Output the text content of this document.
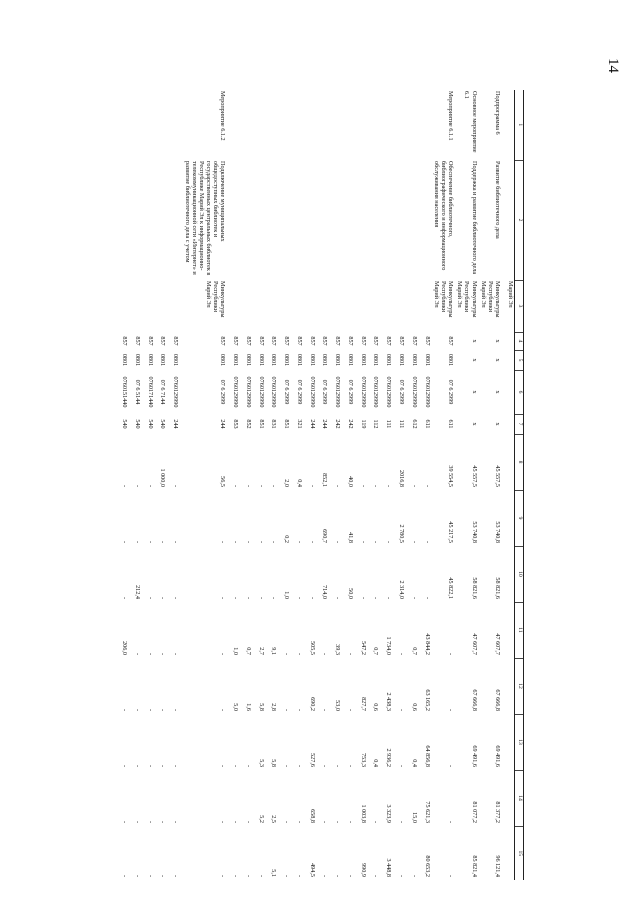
14
1	2	3	4	5	6	7	8	9	10	11	12	13	14	15
		Марий Эл												
Подпрограмма 6	Развитие библиотечного дела	Минкультуры Республики Марий Эл	х	х	х	х	45 557,5	53 740,8	58 821,6	47 607,7	67 666,8	69 491,6	81 377,2	96 121,4
Основное мероприятие 6.1	Поддержка и развитие библиотечного дела	Минкультуры Республики Марий Эл	х	х	х	х	45 557,5	53 740,8	58 821,6	47 607,7	67 666,8	69 491,6	81 077,2	85 821,4
Мероприятие 6.1.1	Обеспечение библиотечного, библиографического и информационного обслуживания населения	Минкультуры Республики Марий Эл	857	0801	07 6 2999	611	39 554,5	45 217,5	45 822,1	-	-	-	-	-
			857	0801	0760129990	611	-	-	-	43 844,2	63 165,2	64 856,8	75 621,3	80 653,2
			857	0801	0760129990	612	-	-	-	0,7	0,6	0,4	15,0	-
			857	0801	07 6 2999	111	2016,8	2 780,5	2 314,0	-	-	-	-	-
			857	0801	0760129990	111	-	-	-	1 734,0	2 438,3	2 936,2	3 323,9	3 448,8
			857	0801	0760129990	112	-	-	-	0,7	0,6	0,4	-	-
			857	0801	0760129990	119	-	-	-	547,2	827,7	753,3	1 003,8	990,9
			857	0801	07 6 2999	242	40,0	41,8	50,0	-	-	-	-	-
			857	0801	0760129990	242	-	-	-	39,3	53,0	-	-	-
			857	0801	07 6 2999	244	852,1	690,7	714,0	-	-	-	-	-
			857	0801	0760129990	244	-	-	-	505,5	690,2	527,6	658,8	494,5
			857	0801	07 6 2999	321	0,4	-	-	-	-	-	-	-
			857	0801	07 6 2999	851	2,0	0,2	1,0	-	-	-	-	-
			857	0801	0760129990	831	-	-	-	9,1	2,8	5,8	2,5	5,1
			857	0801	0760129990	851	-	-	-	2,7	5,8	5,3	5,2	-
			857	0801	0760129990	852	-	-	-	0,7	1,6	-	-	-
			857	0801	0760129990	853	-	-	-	1,0	5,0	-	-	-
Мероприятие 6.1.2	Подключение муниципальных общедоступных библиотек и государственных центральных библиотек в Республике Марий Эл к информационно-телекоммуникационной сети «Интернет» и развитие библиотечного дела с учетом	Минкультуры Республики Марий Эл	857	0801	07 6 2999	244	56,5	-	-	-	-	-	-	-
			857	0801	0760129990	244	-	-	-	-	-	-	-	-
			857	0801	07 6 7144	540	1 000,0	-	-	-	-	-	-	-
			857	0801	0760171440	540	-	-	-	-	-	-	-	-
			857	0801	07 6 5144	540	-	-	212,4	-	-	-	-	-
			857	0801	0760151440	540	-	-	-	206,0	-	-	-	-
